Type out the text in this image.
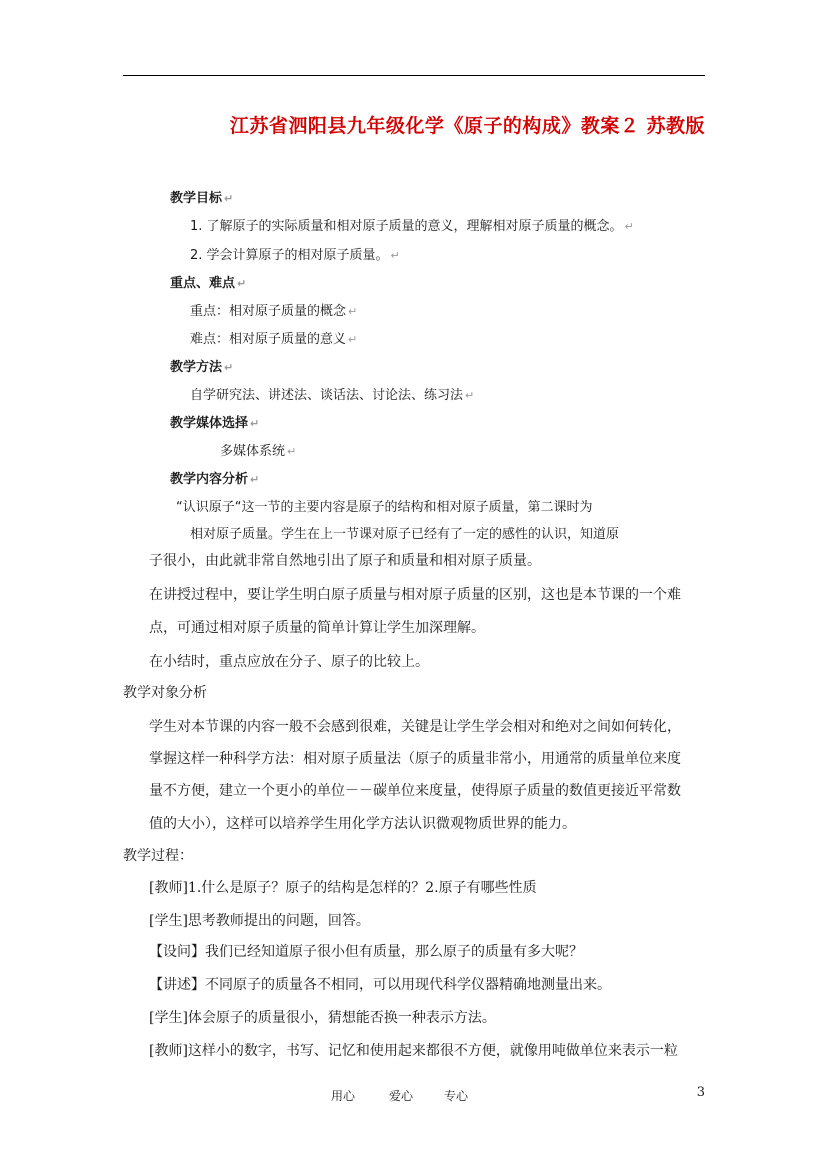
江苏省泗阳县九年级化学《原子的构成》教案２ 苏教版
教学目标 ↵
1. 了解原子的实际质量和相对原子质量的意义，理解相对原子质量的概念。 ↵
2. 学会计算原子的相对原子质量。 ↵
重点、难点 ↵
重点：相对原子质量的概念 ↵
难点：相对原子质量的意义 ↵
教学方法 ↵
自学研究法、讲述法、谈话法、讨论法、练习法 ↵
教学媒体选择 ↵
多媒体系统 ↵
教学内容分析 ↵
“认识原子“这一节的主要内容是原子的结构和相对原子质量，第二课时为
相对原子质量。学生在上一节课对原子已经有了一定的感性的认识，知道原
子很小，由此就非常自然地引出了原子和质量和相对原子质量。
在讲授过程中，要让学生明白原子质量与相对原子质量的区别，这也是本节课的一个难
点，可通过相对原子质量的简单计算让学生加深理解。
在小结时，重点应放在分子、原子的比较上。
教学对象分析
学生对本节课的内容一般不会感到很难，关键是让学生学会相对和绝对之间如何转化，
掌握这样一种科学方法：相对原子质量法（原子的质量非常小，用通常的质量单位来度
量不方便，建立一个更小的单位－－碳单位来度量，使得原子质量的数值更接近平常数
值的大小），这样可以培养学生用化学方法认识微观物质世界的能力。
教学过程：
[教师]1.什么是原子？原子的结构是怎样的？2.原子有哪些性质
[学生]思考教师提出的问题，回答。
【设问】我们已经知道原子很小但有质量，那么原子的质量有多大呢？
【讲述】不同原子的质量各不相同，可以用现代科学仪器精确地测量出来。
[学生]体会原子的质量很小，猜想能否换一种表示方法。
[教师]这样小的数字，书写、记忆和使用起来都很不方便，就像用吨做单位来表示一粒
用心	爱心	专心	3
